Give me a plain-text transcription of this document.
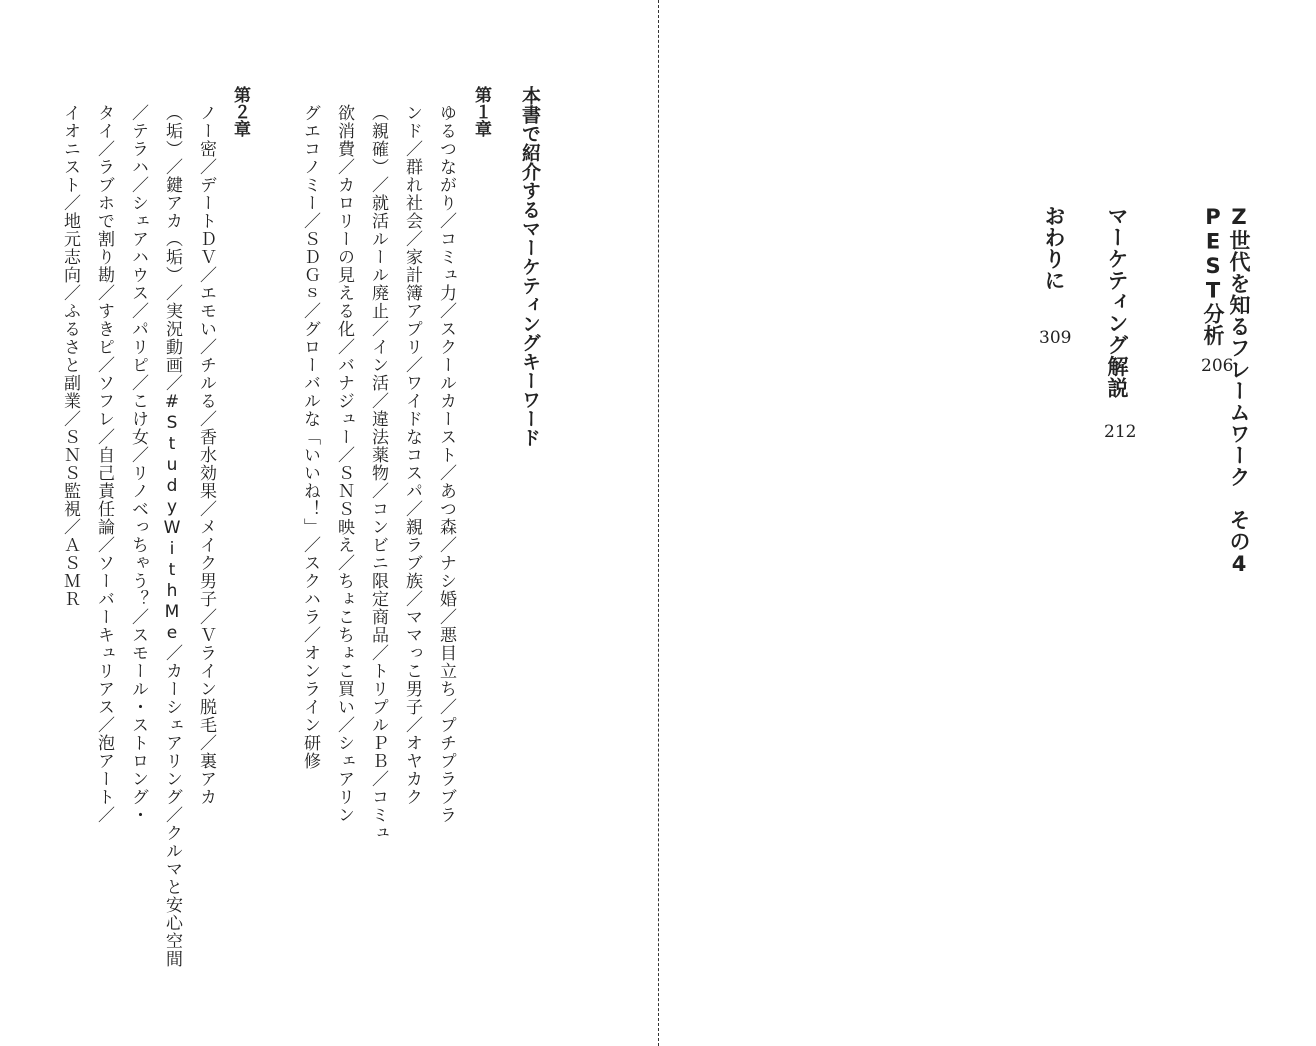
Z世代を知るフレームワーク　その4

PEST分析

206

マーケティング解説

212

おわりに

309

本書で紹介するマーケティングキーワード

第１章

ゆるつながり／コミュ力／スクールカースト／あつ森／ナシ婚／悪目立ち／プチプラブラ

ンド／群れ社会／家計簿アプリ／ワイドなコスパ／親ラブ族／ママっこ男子／オヤカク

（親確）／就活ルール廃止／イン活／違法薬物／コンビニ限定商品／トリプルＰＢ／コミュ

欲消費／カロリーの見える化／バナジュー／ＳＮＳ映え／ちょこちょこ買い／シェアリン

グエコノミー／ＳＤＧｓ／グローバルな「いいね！」／スクハラ／オンライン研修

第２章

ノー密／デートＤＶ／エモい／チルる／香水効果／メイク男子／Ｖライン脱毛／裏アカ

（垢）／鍵アカ（垢）／実況動画／#StudyWithMe／カーシェアリング／クルマと安心空間

／テラハ／シェアハウス／パリピ／こけ女／リノベっちゃう？／スモール・ストロング・

タイ／ラブホで割り勘／すきピ／ソフレ／自己責任論／ソーバーキュリアス／泡アート／

イオニスト／地元志向／ふるさと副業／ＳＮＳ監視／ＡＳＭＲ
